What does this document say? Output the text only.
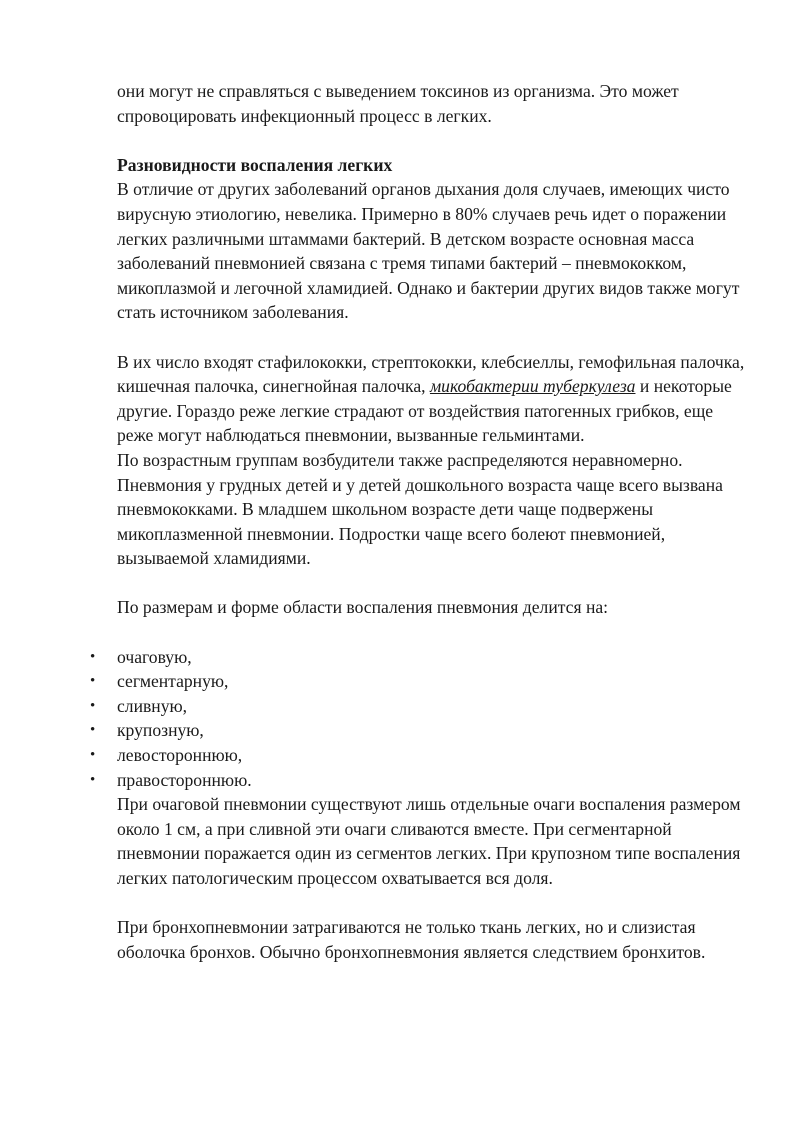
они могут не справляться с выведением токсинов из организма. Это может спровоцировать инфекционный процесс в легких.

Разновидности воспаления легких

В отличие от других заболеваний органов дыхания доля случаев, имеющих чисто вирусную этиологию, невелика. Примерно в 80% случаев речь идет о поражении легких различными штаммами бактерий. В детском возрасте основная масса заболеваний пневмонией связана с тремя типами бактерий – пневмококком, микоплазмой и легочной хламидией. Однако и бактерии других видов также могут стать источником заболевания.

В их число входят стафилококки, стрептококки, клебсиеллы, гемофильная палочка, кишечная палочка, синегнойная палочка, микобактерии туберкулеза и некоторые другие. Гораздо реже легкие страдают от воздействия патогенных грибков, еще реже могут наблюдаться пневмонии, вызванные гельминтами.

По возрастным группам возбудители также распределяются неравномерно. Пневмония у грудных детей и у детей дошкольного возраста чаще всего вызвана пневмококками. В младшем школьном возрасте дети чаще подвержены микоплазменной пневмонии. Подростки чаще всего болеют пневмонией, вызываемой хламидиями.

По размерам и форме области воспаления пневмония делится на:

• очаговую,
• сегментарную,
• сливную,
• крупозную,
• левостороннюю,
• правостороннюю.

При очаговой пневмонии существуют лишь отдельные очаги воспаления размером около 1 см, а при сливной эти очаги сливаются вместе. При сегментарной пневмонии поражается один из сегментов легких. При крупозном типе воспаления легких патологическим процессом охватывается вся доля.

При бронхопневмонии затрагиваются не только ткань легких, но и слизистая оболочка бронхов. Обычно бронхопневмония является следствием бронхитов.
